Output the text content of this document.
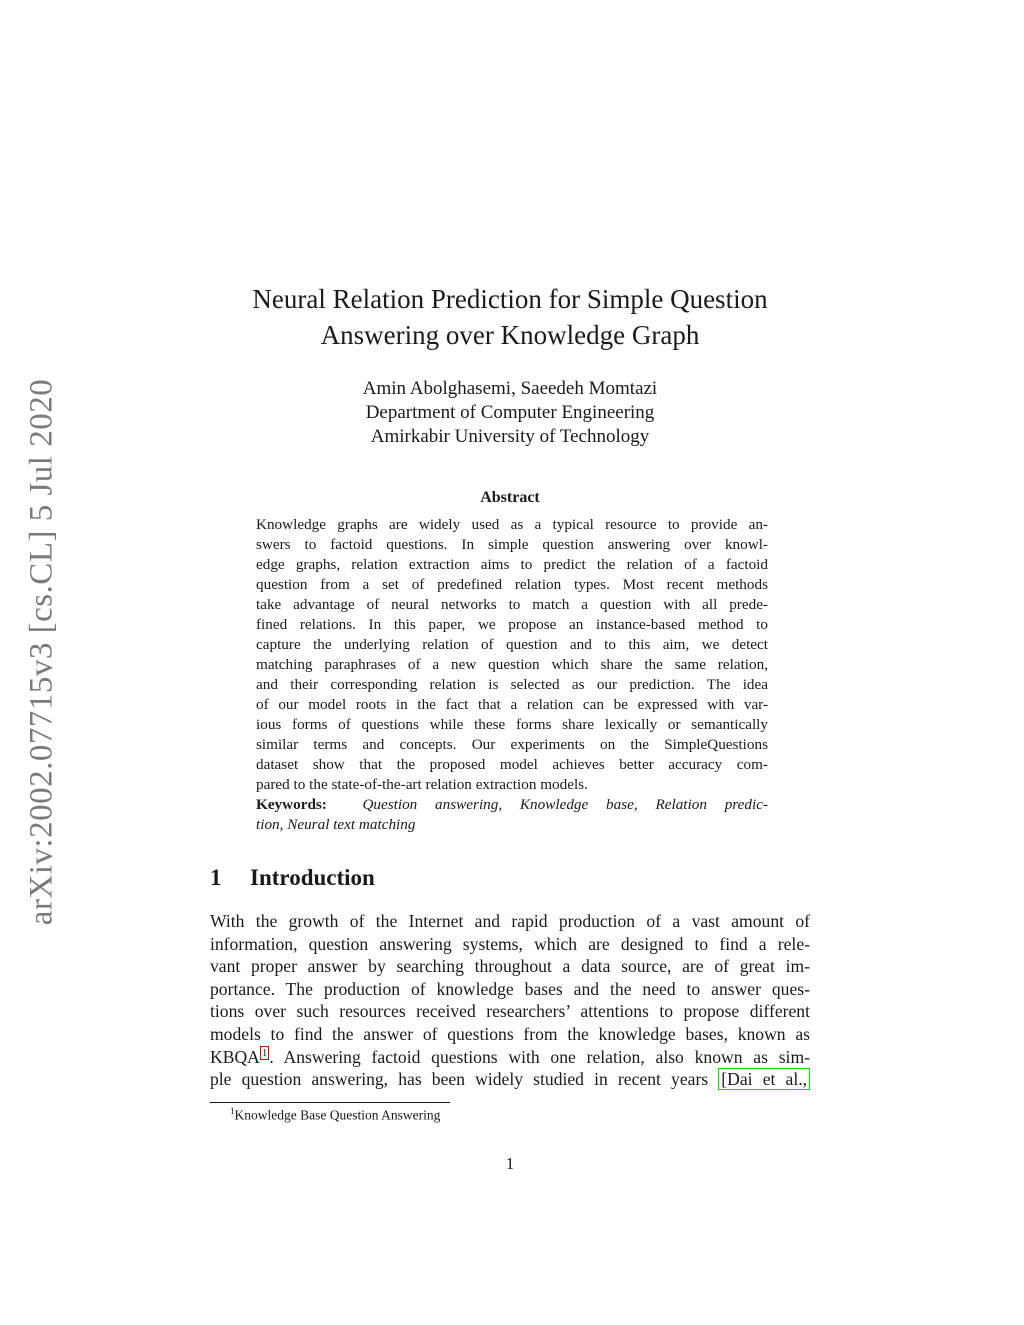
arXiv:2002.07715v3 [cs.CL] 5 Jul 2020
Neural Relation Prediction for Simple Question
Answering over Knowledge Graph
Amin Abolghasemi, Saeedeh Momtazi
Department of Computer Engineering
Amirkabir University of Technology
Abstract
Knowledge graphs are widely used as a typical resource to provide an-
swers to factoid questions. In simple question answering over knowl-
edge graphs, relation extraction aims to predict the relation of a factoid
question from a set of predefined relation types. Most recent methods
take advantage of neural networks to match a question with all prede-
fined relations. In this paper, we propose an instance-based method to
capture the underlying relation of question and to this aim, we detect
matching paraphrases of a new question which share the same relation,
and their corresponding relation is selected as our prediction. The idea
of our model roots in the fact that a relation can be expressed with var-
ious forms of questions while these forms share lexically or semantically
similar terms and concepts. Our experiments on the SimpleQuestions
dataset show that the proposed model achieves better accuracy com-
pared to the state-of-the-art relation extraction models.
Keywords: Question answering, Knowledge base, Relation predic-
tion, Neural text matching
1 Introduction
With the growth of the Internet and rapid production of a vast amount of
information, question answering systems, which are designed to find a rele-
vant proper answer by searching throughout a data source, are of great im-
portance. The production of knowledge bases and the need to answer ques-
tions over such resources received researchers’ attentions to propose different
models to find the answer of questions from the knowledge bases, known as
KBQA 1 . Answering factoid questions with one relation, also known as sim-
ple question answering, has been widely studied in recent years [Dai et al.,
$^1$Knowledge Base Question Answering
1
